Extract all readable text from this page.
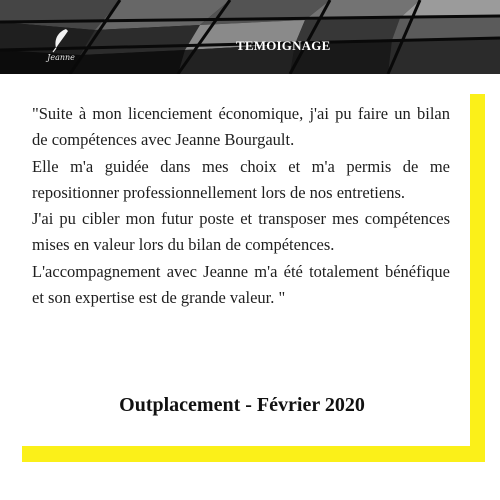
Jeanne
TEMOIGNAGE

"Suite à mon licenciement économique, j'ai pu faire un bilan de compétences avec Jeanne Bourgault.

Elle m'a guidée dans mes choix et m'a permis de me repositionner professionnellement lors de nos entretiens.

J'ai pu cibler mon futur poste et transposer mes compétences mises en valeur lors du bilan de compétences.

L'accompagnement avec Jeanne m'a été totalement bénéfique et son expertise est de grande valeur. "

Outplacement - Février 2020
